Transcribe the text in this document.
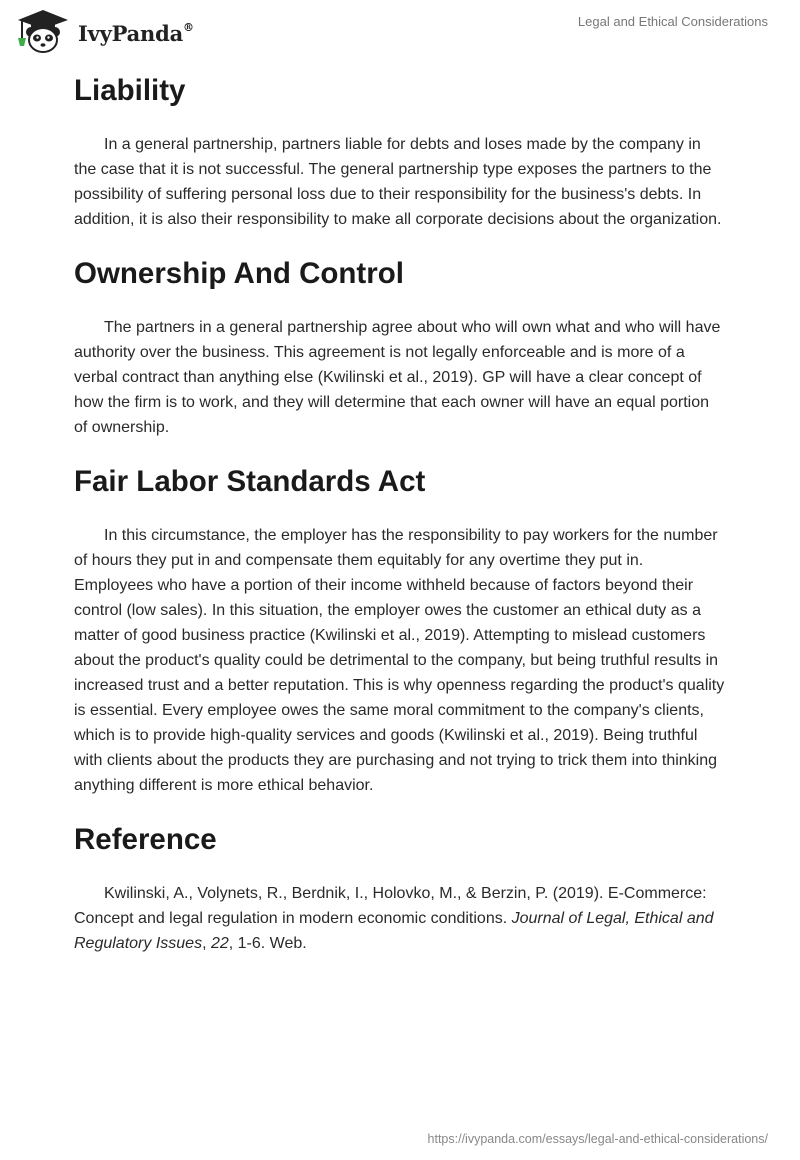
IvyPanda®	Legal and Ethical Considerations
Liability

In a general partnership, partners liable for debts and loses made by the company in the case that it is not successful. The general partnership type exposes the partners to the possibility of suffering personal loss due to their responsibility for the business's debts. In addition, it is also their responsibility to make all corporate decisions about the organization.

Ownership And Control

The partners in a general partnership agree about who will own what and who will have authority over the business. This agreement is not legally enforceable and is more of a verbal contract than anything else (Kwilinski et al., 2019). GP will have a clear concept of how the firm is to work, and they will determine that each owner will have an equal portion of ownership.

Fair Labor Standards Act

In this circumstance, the employer has the responsibility to pay workers for the number of hours they put in and compensate them equitably for any overtime they put in. Employees who have a portion of their income withheld because of factors beyond their control (low sales). In this situation, the employer owes the customer an ethical duty as a matter of good business practice (Kwilinski et al., 2019). Attempting to mislead customers about the product's quality could be detrimental to the company, but being truthful results in increased trust and a better reputation. This is why openness regarding the product's quality is essential. Every employee owes the same moral commitment to the company's clients, which is to provide high-quality services and goods (Kwilinski et al., 2019). Being truthful with clients about the products they are purchasing and not trying to trick them into thinking anything different is more ethical behavior.

Reference

Kwilinski, A., Volynets, R., Berdnik, I., Holovko, M., & Berzin, P. (2019). E-Commerce: Concept and legal regulation in modern economic conditions. Journal of Legal, Ethical and Regulatory Issues, 22, 1-6. Web.

https://ivypanda.com/essays/legal-and-ethical-considerations/
